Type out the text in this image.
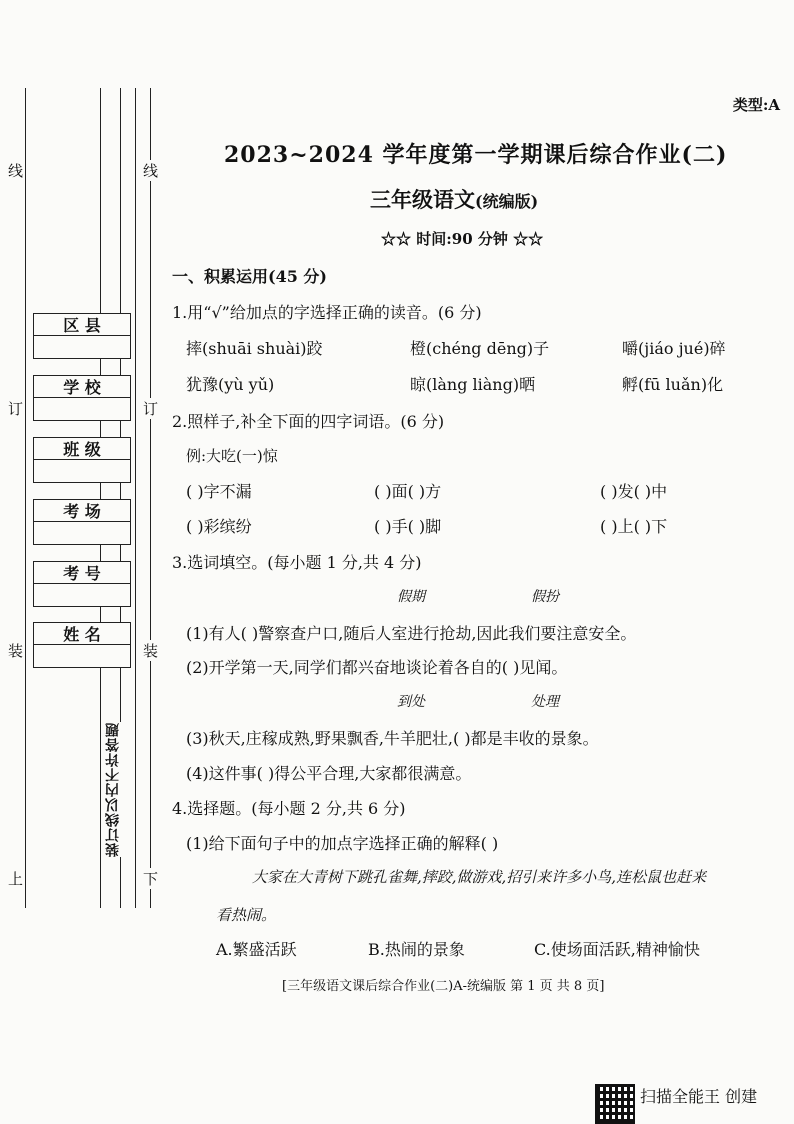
线
订
装
上
线
订
装
下
区 县
学 校
班 级
考 场
考 号
姓 名
装订线以内不许答题
类型:A
2023~2024 学年度第一学期课后综合作业(二)
三年级语文(统编版)
☆☆ 时间:90 分钟 ☆☆
一、积累运用(45 分)
1.用“√”给加点的字选择正确的读音。(6 分)
摔(shuāi shuài)跤	橙(chéng dēng)子	嚼(jiáo jué)碎
犹豫(yù yǔ)	晾(làng liàng)晒	孵(fū luǎn)化
2.照样子,补全下面的四字词语。(6 分)
例:大吃(一)惊
( )字不漏	( )面( )方	( )发( )中
( )彩缤纷	( )手( )脚	( )上( )下
3.选词填空。(每小题 1 分,共 4 分)
假期	假扮
(1)有人( )警察查户口,随后人室进行抢劫,因此我们要注意安全。
(2)开学第一天,同学们都兴奋地谈论着各自的( )见闻。
到处	处理
(3)秋天,庄稼成熟,野果飘香,牛羊肥壮,( )都是丰收的景象。
(4)这件事( )得公平合理,大家都很满意。
4.选择题。(每小题 2 分,共 6 分)
(1)给下面句子中的加点字选择正确的解释( )
大家在大青树下跳孔雀舞,摔跤,做游戏,招引来许多小鸟,连松鼠也赶来
看热闹。
A.繁盛活跃	B.热闹的景象	C.使场面活跃,精神愉快
[三年级语文课后综合作业(二)A-统编版 第 1 页 共 8 页]
扫描全能王 创建
